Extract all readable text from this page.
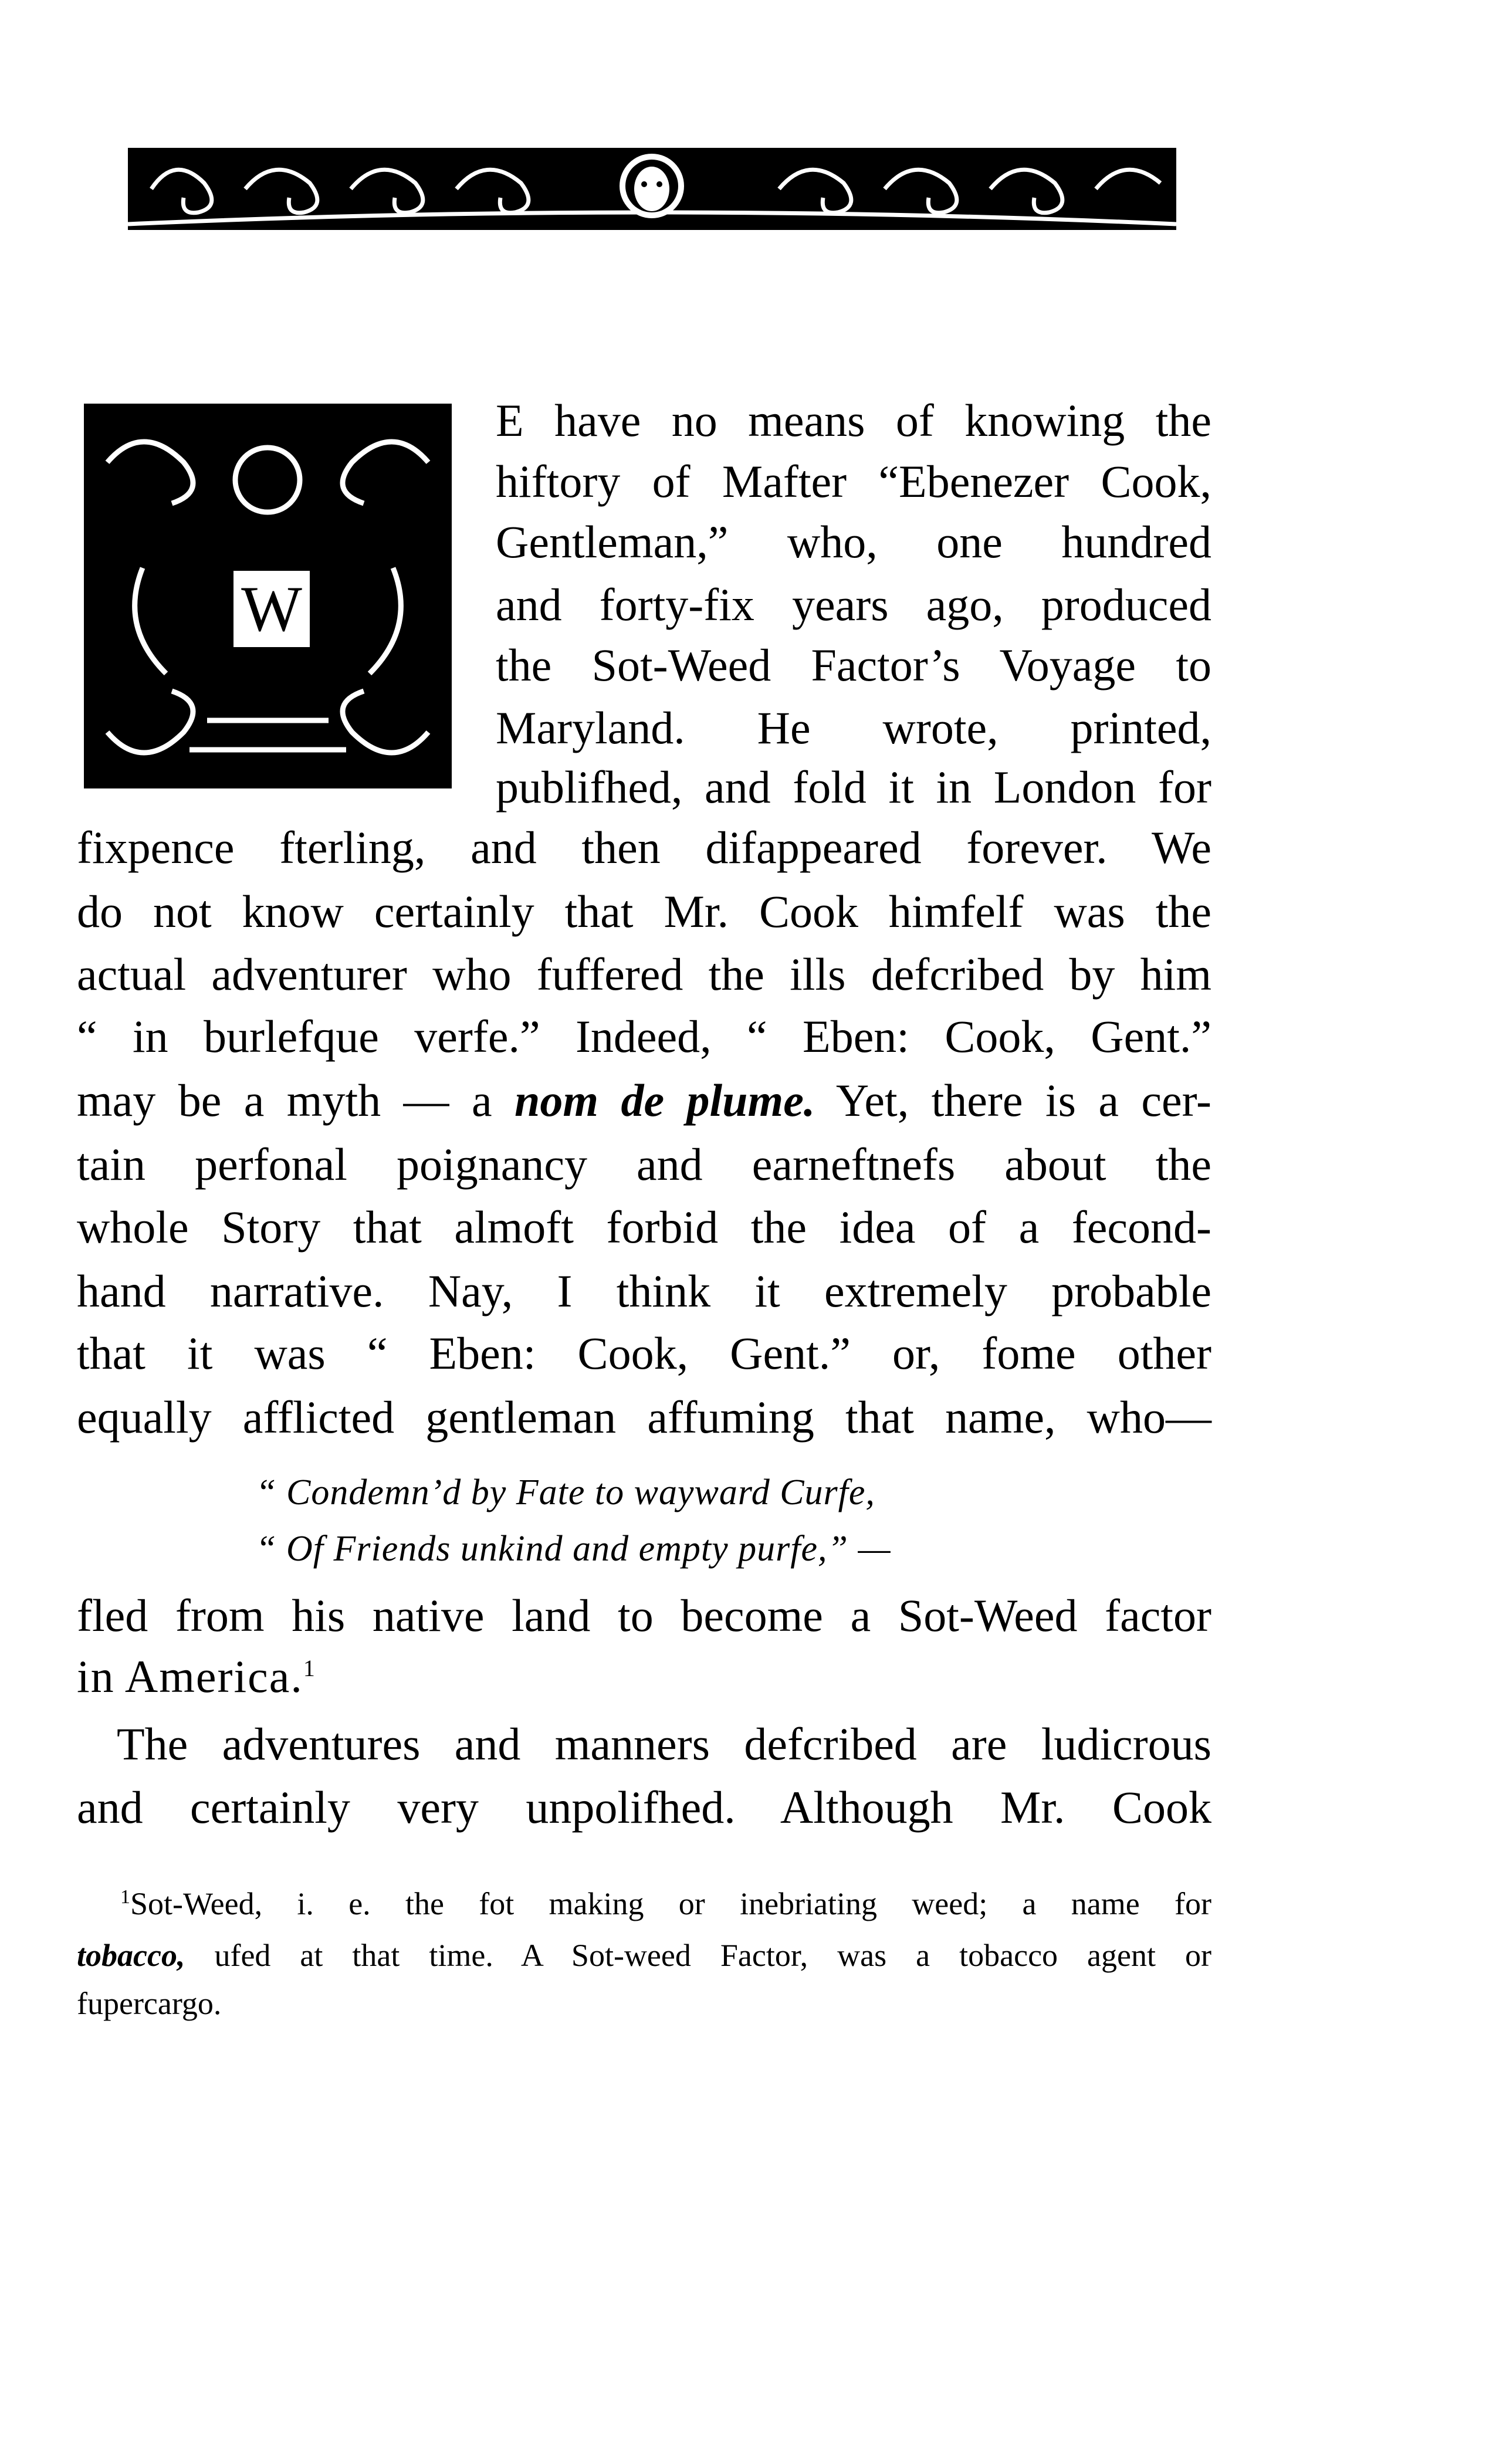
W
E have no means of knowing the
hiftory of Mafter “Ebenezer Cook,
Gentleman,” who, one hundred
and forty-fix years ago, produced
the Sot-Weed Factor’s Voyage to
Maryland. He wrote, printed,
publifhed, and fold it in London for
fixpence fterling, and then difappeared forever. We
do not know certainly that Mr. Cook himfelf was the
actual adventurer who fuffered the ills defcribed by him
“ in burlefque verfe.” Indeed, “ Eben: Cook, Gent.”
may be a myth — a nom de plume. Yet, there is a cer-
tain perfonal poignancy and earneftnefs about the
whole Story that almoft forbid the idea of a fecond-
hand narrative. Nay, I think it extremely probable
that it was “ Eben: Cook, Gent.” or, fome other
equally afflicted gentleman affuming that name, who—
“ Condemn’d by Fate to wayward Curfe,
“ Of Friends unkind and empty purfe,” —
fled from his native land to become a Sot-Weed factor
in America.$^1$
The adventures and manners defcribed are ludicrous
and certainly very unpolifhed. Although Mr. Cook
$^1$Sot-Weed, i. e. the fot making or inebriating weed; a name for
tobacco, ufed at that time. A Sot-weed Factor, was a tobacco agent or
fupercargo.
